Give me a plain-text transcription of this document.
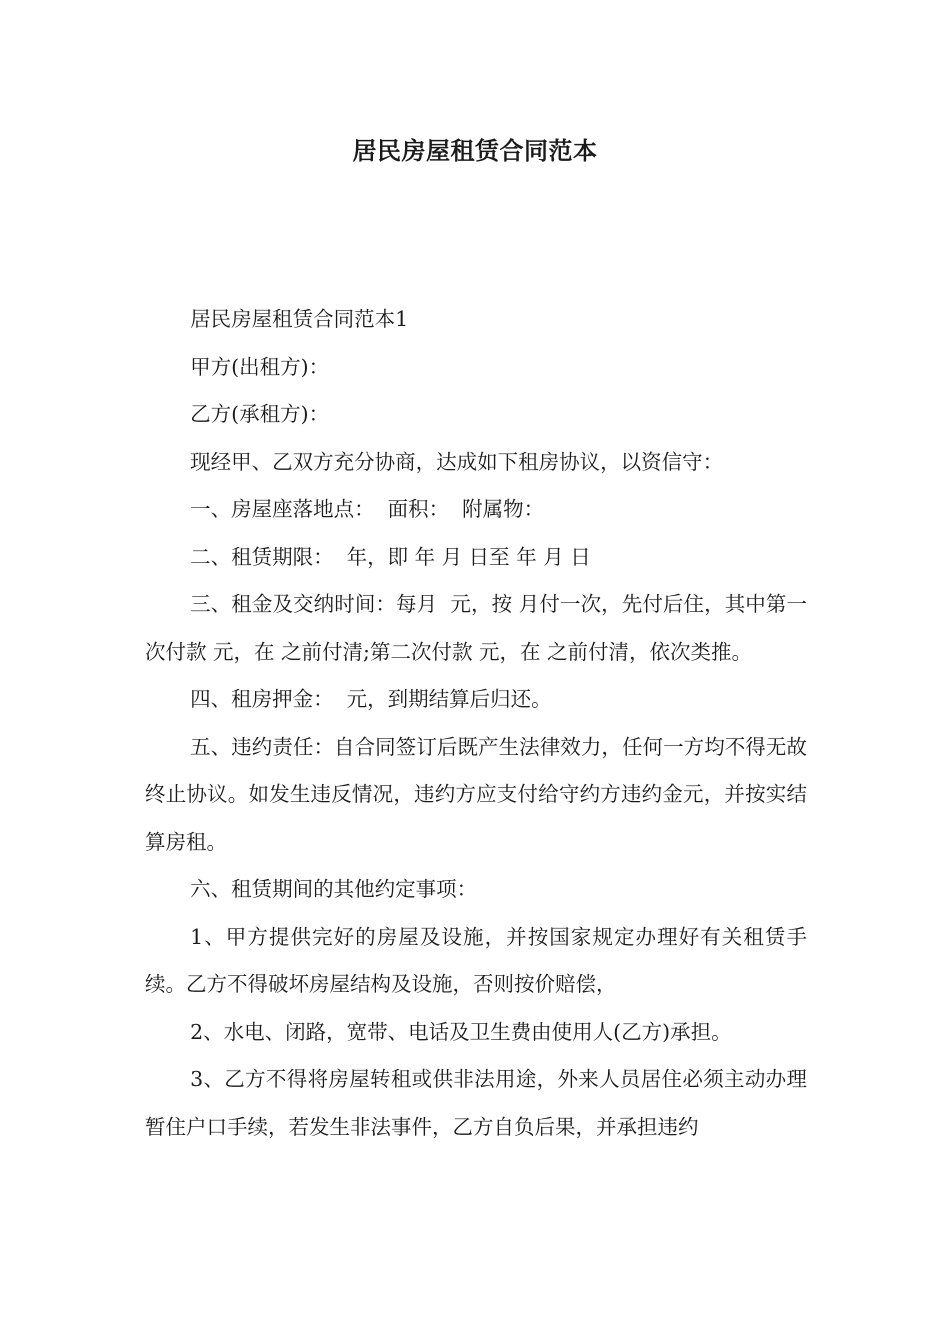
居民房屋租赁合同范本

居民房屋租赁合同范本1

甲方(出租方)：

乙方(承租方)：

现经甲、乙双方充分协商，达成如下租房协议，以资信守：

一、房屋座落地点：  面积：  附属物：

二、租赁期限：  年，即 年 月 日至 年 月 日

三、租金及交纳时间：每月  元，按 月付一次，先付后住，其中第一次付款 元，在 之前付清;第二次付款 元，在 之前付清，依次类推。

四、租房押金：  元，到期结算后归还。

五、违约责任：自合同签订后既产生法律效力，任何一方均不得无故终止协议。如发生违反情况，违约方应支付给守约方违约金元，并按实结算房租。

六、租赁期间的其他约定事项：

1、甲方提供完好的房屋及设施，并按国家规定办理好有关租赁手续。乙方不得破坏房屋结构及设施，否则按价赔偿，

2、水电、闭路，宽带、电话及卫生费由使用人(乙方)承担。

3、乙方不得将房屋转租或供非法用途，外来人员居住必须主动办理暂住户口手续，若发生非法事件，乙方自负后果，并承担违约
